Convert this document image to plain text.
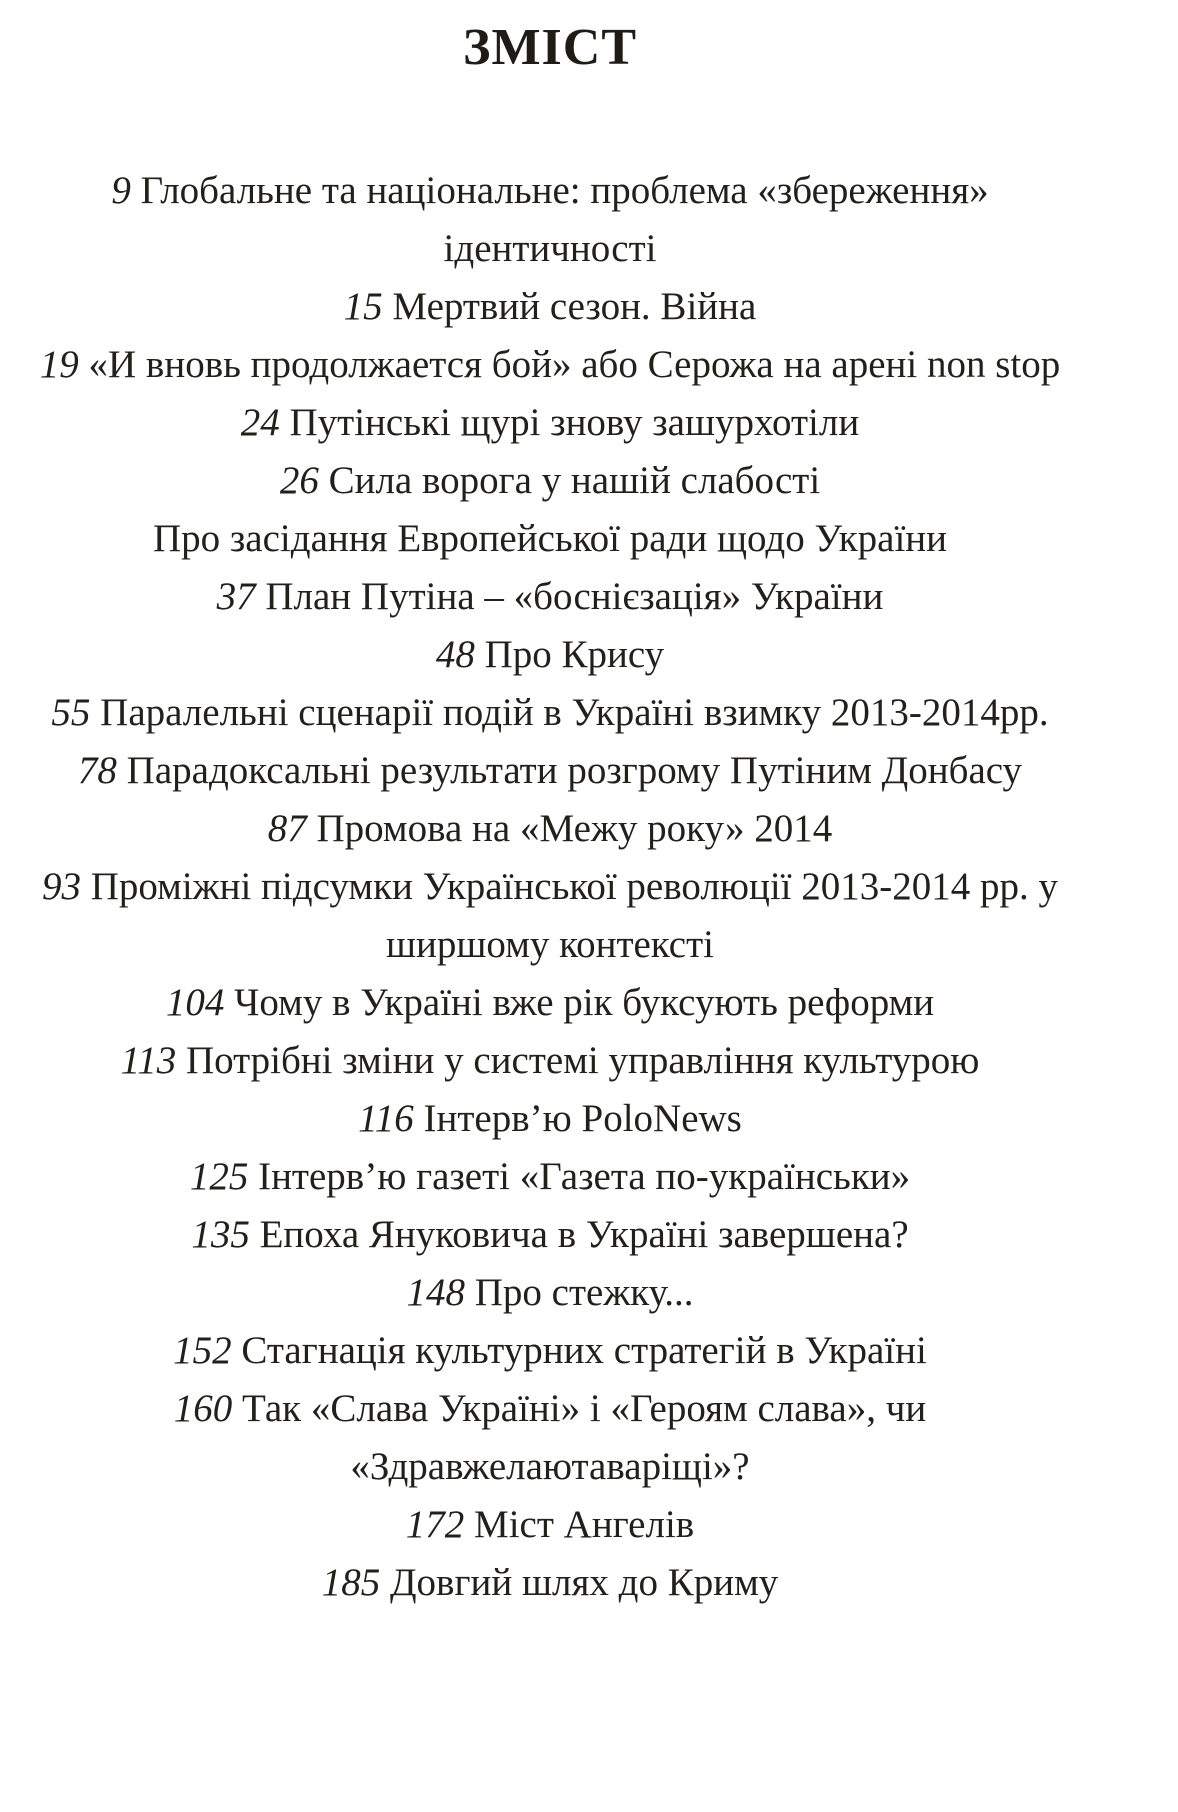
ЗМІСТ
9 Глобальне та національне: проблема «збереження» ідентичності
15 Мертвий сезон. Війна
19 «И вновь продолжается бой» або Серожа на арені non stop
24 Путінські щурі знову зашурхотіли
26 Сила ворога у нашій слабості
Про засідання Европейської ради щодо України
37 План Путіна – «боснієзація» України
48 Про Крису
55 Паралельні сценарії подій в Україні взимку 2013-2014рр.
78 Парадоксальні результати розгрому Путіним Донбасу
87 Промова на «Межу року» 2014
93 Проміжні підсумки Української революції 2013-2014 рр. у ширшому контексті
104 Чому в Україні вже рік буксують реформи
113 Потрібні зміни у системі управління культурою
116 Інтерв’ю PoloNews
125 Інтерв’ю газеті «Газета по-українськи»
135 Епоха Януковича в Україні завершена?
148 Про стежку...
152 Стагнація культурних стратегій в Україні
160 Так «Слава Україні» і «Героям слава», чи «Здравжелаютаваріщі»?
172 Міст Ангелів
185 Довгий шлях до Криму
